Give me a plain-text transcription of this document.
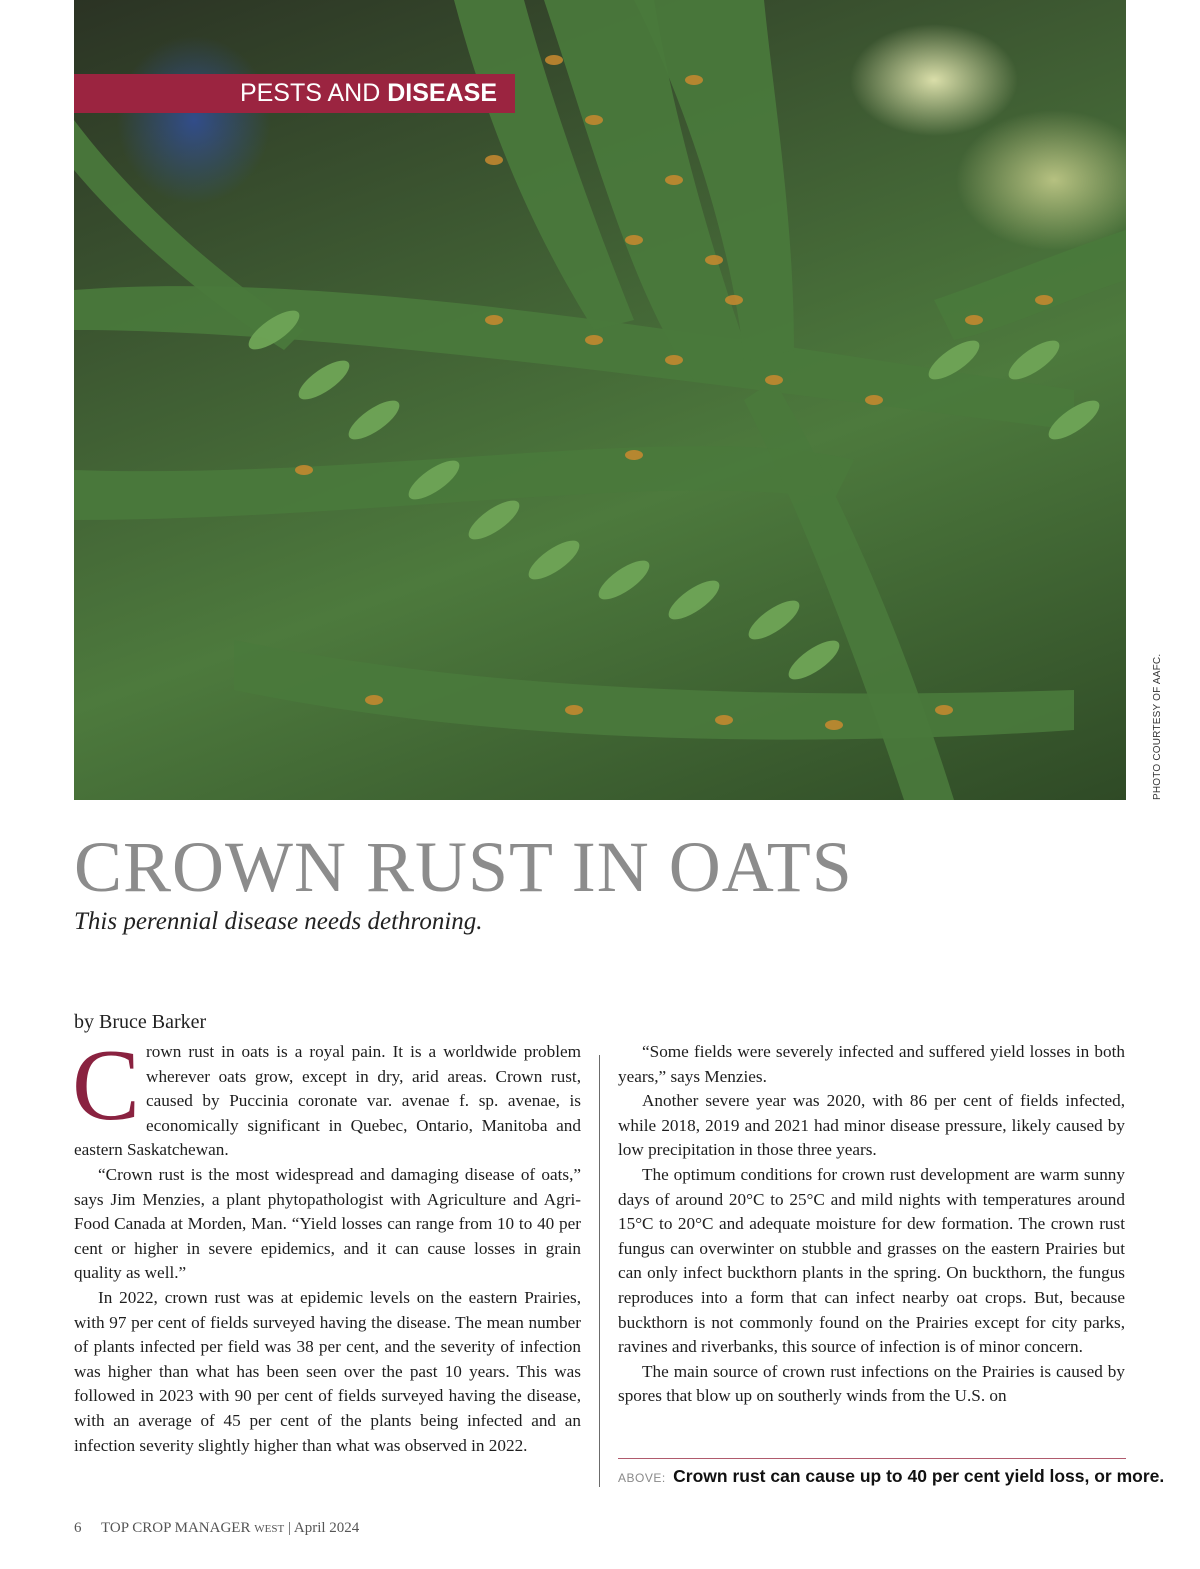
PESTS AND DISEASE
PHOTO COURTESY OF AAFC.
CROWN RUST IN OATS

This perennial disease needs dethroning.

by Bruce Barker

Crown rust in oats is a royal pain. It is a worldwide problem wherever oats grow, except in dry, arid areas. Crown rust, caused by Puccinia coronate var. avenae f. sp. avenae, is economically significant in Quebec, Ontario, Manitoba and eastern Saskatchewan.

“Crown rust is the most widespread and damaging disease of oats,” says Jim Menzies, a plant phytopathologist with Agriculture and Agri-Food Canada at Morden, Man. “Yield losses can range from 10 to 40 per cent or higher in severe epidemics, and it can cause losses in grain quality as well.”

In 2022, crown rust was at epidemic levels on the eastern Prairies, with 97 per cent of fields surveyed having the disease. The mean number of plants infected per field was 38 per cent, and the severity of infection was higher than what has been seen over the past 10 years. This was followed in 2023 with 90 per cent of fields surveyed having the disease, with an average of 45 per cent of the plants being infected and an infection severity slightly higher than what was observed in 2022.

“Some fields were severely infected and suffered yield losses in both years,” says Menzies.

Another severe year was 2020, with 86 per cent of fields infected, while 2018, 2019 and 2021 had minor disease pressure, likely caused by low precipitation in those three years.

The optimum conditions for crown rust development are warm sunny days of around 20°C to 25°C and mild nights with temperatures around 15°C to 20°C and adequate moisture for dew formation. The crown rust fungus can overwinter on stubble and grasses on the eastern Prairies but can only infect buckthorn plants in the spring. On buckthorn, the fungus reproduces into a form that can infect nearby oat crops. But, because buckthorn is not commonly found on the Prairies except for city parks, ravines and riverbanks, this source of infection is of minor concern.

The main source of crown rust infections on the Prairies is caused by spores that blow up on southerly winds from the U.S. on

ABOVE: Crown rust can cause up to 40 per cent yield loss, or more.
6 TOP CROP MANAGER WEST | April 2024
